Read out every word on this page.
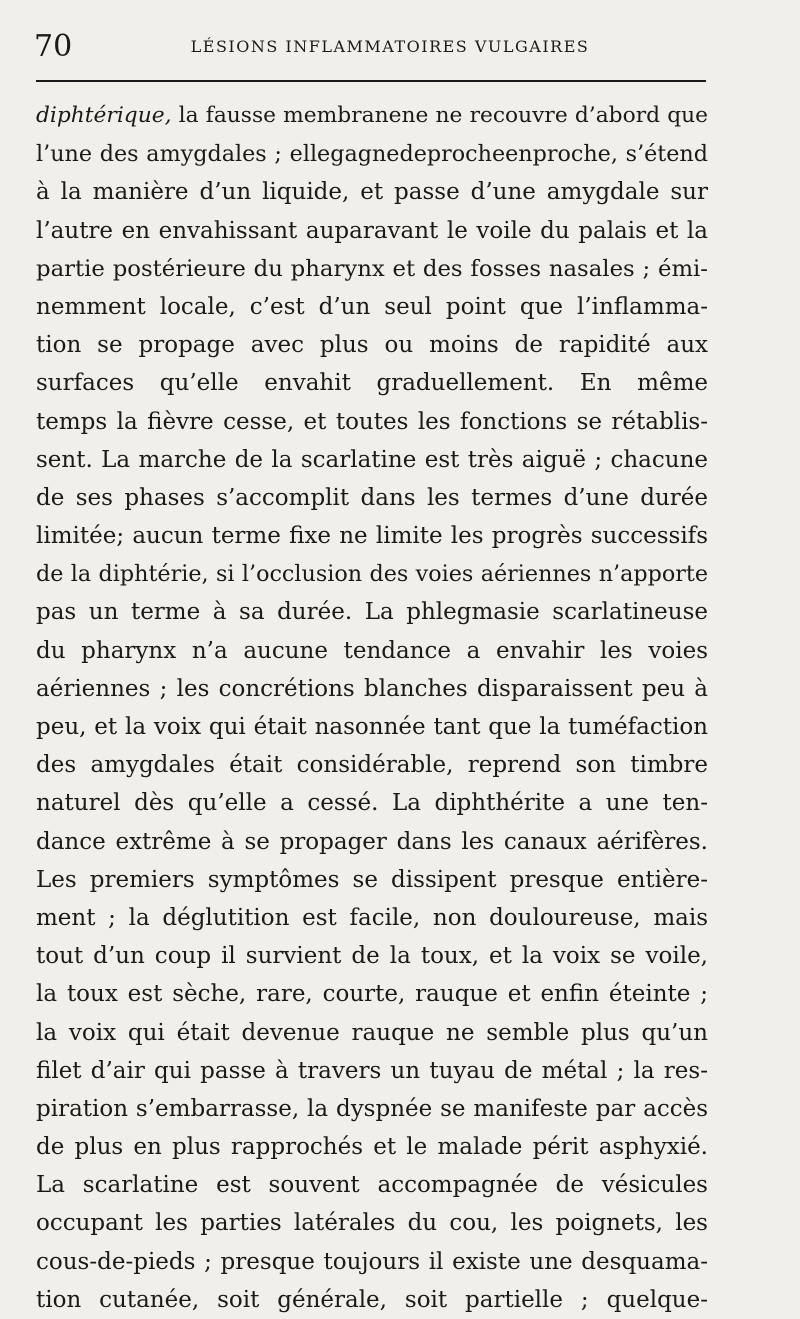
70	LÉSIONS INFLAMMATOIRES VULGAIRES
diphtérique, la fausse membranene ne recouvre d’abord que
l’une des amygdales ; ellegagnedeprocheenproche, s’étend
à la manière d’un liquide, et passe d’une amygdale sur
l’autre en envahissant auparavant le voile du palais et la
partie postérieure du pharynx et des fosses nasales ; émi-
nemment locale, c’est d’un seul point que l’inflamma-
tion se propage avec plus ou moins de rapidité aux
surfaces qu’elle envahit graduellement. En même
temps la fièvre cesse, et toutes les fonctions se rétablis-
sent. La marche de la scarlatine est très aiguë ; chacune
de ses phases s’accomplit dans les termes d’une durée
limitée; aucun terme fixe ne limite les progrès successifs
de la diphtérie, si l’occlusion des voies aériennes n’apporte
pas un terme à sa durée. La phlegmasie scarlatineuse
du pharynx n’a aucune tendance a envahir les voies
aériennes ; les concrétions blanches disparaissent peu à
peu, et la voix qui était nasonnée tant que la tuméfaction
des amygdales était considérable, reprend son timbre
naturel dès qu’elle a cessé. La diphthérite a une ten-
dance extrême à se propager dans les canaux aérifères.
Les premiers symptômes se dissipent presque entière-
ment ; la déglutition est facile, non douloureuse, mais
tout d’un coup il survient de la toux, et la voix se voile,
la toux est sèche, rare, courte, rauque et enfin éteinte ;
la voix qui était devenue rauque ne semble plus qu’un
filet d’air qui passe à travers un tuyau de métal ; la res-
piration s’embarrasse, la dyspnée se manifeste par accès
de plus en plus rapprochés et le malade périt asphyxié.
La scarlatine est souvent accompagnée de vésicules
occupant les parties latérales du cou, les poignets, les
cous-de-pieds ; presque toujours il existe une desquama-
tion cutanée, soit générale, soit partielle ; quelque-
